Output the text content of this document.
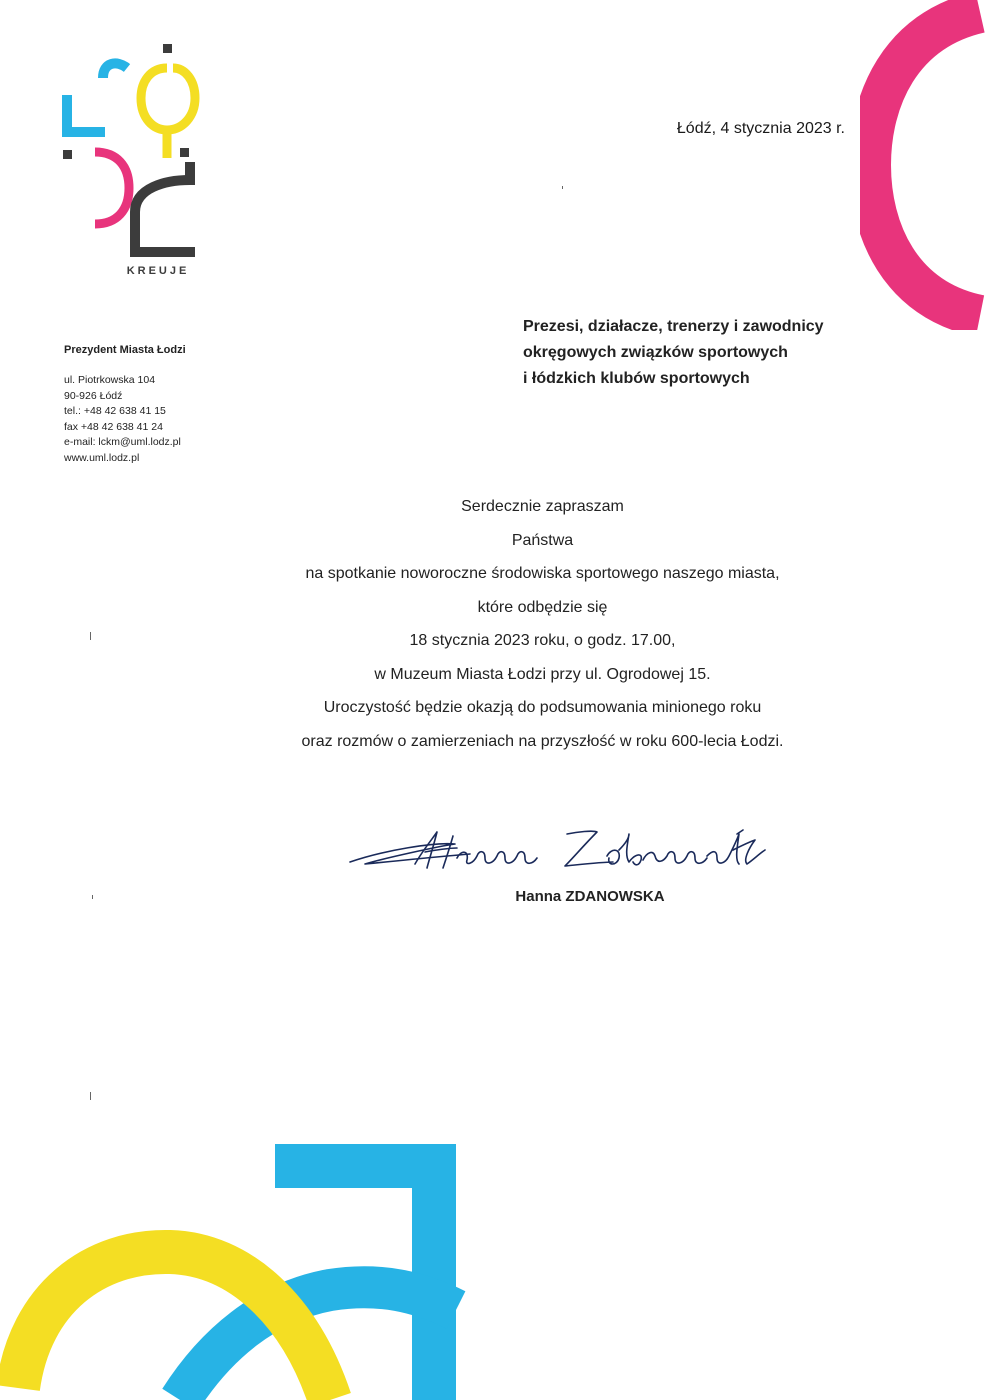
KREUJE
Łódź, 4 stycznia 2023 r.
Prezydent Miasta Łodzi
ul. Piotrkowska 104
90-926 Łódź
tel.: +48 42 638 41 15
fax +48 42 638 41 24
e-mail: lckm@uml.lodz.pl
www.uml.lodz.pl
Prezesi, działacze, trenerzy i zawodnicy
okręgowych związków sportowych
i łódzkich klubów sportowych
Serdecznie zapraszam
Państwa
na spotkanie noworoczne środowiska sportowego naszego miasta,
które odbędzie się
18 stycznia 2023 roku, o godz. 17.00,
w Muzeum Miasta Łodzi przy ul. Ogrodowej 15.
Uroczystość będzie okazją do podsumowania minionego roku
oraz rozmów o zamierzeniach na przyszłość w roku 600-lecia Łodzi.
Hanna ZDANOWSKA
